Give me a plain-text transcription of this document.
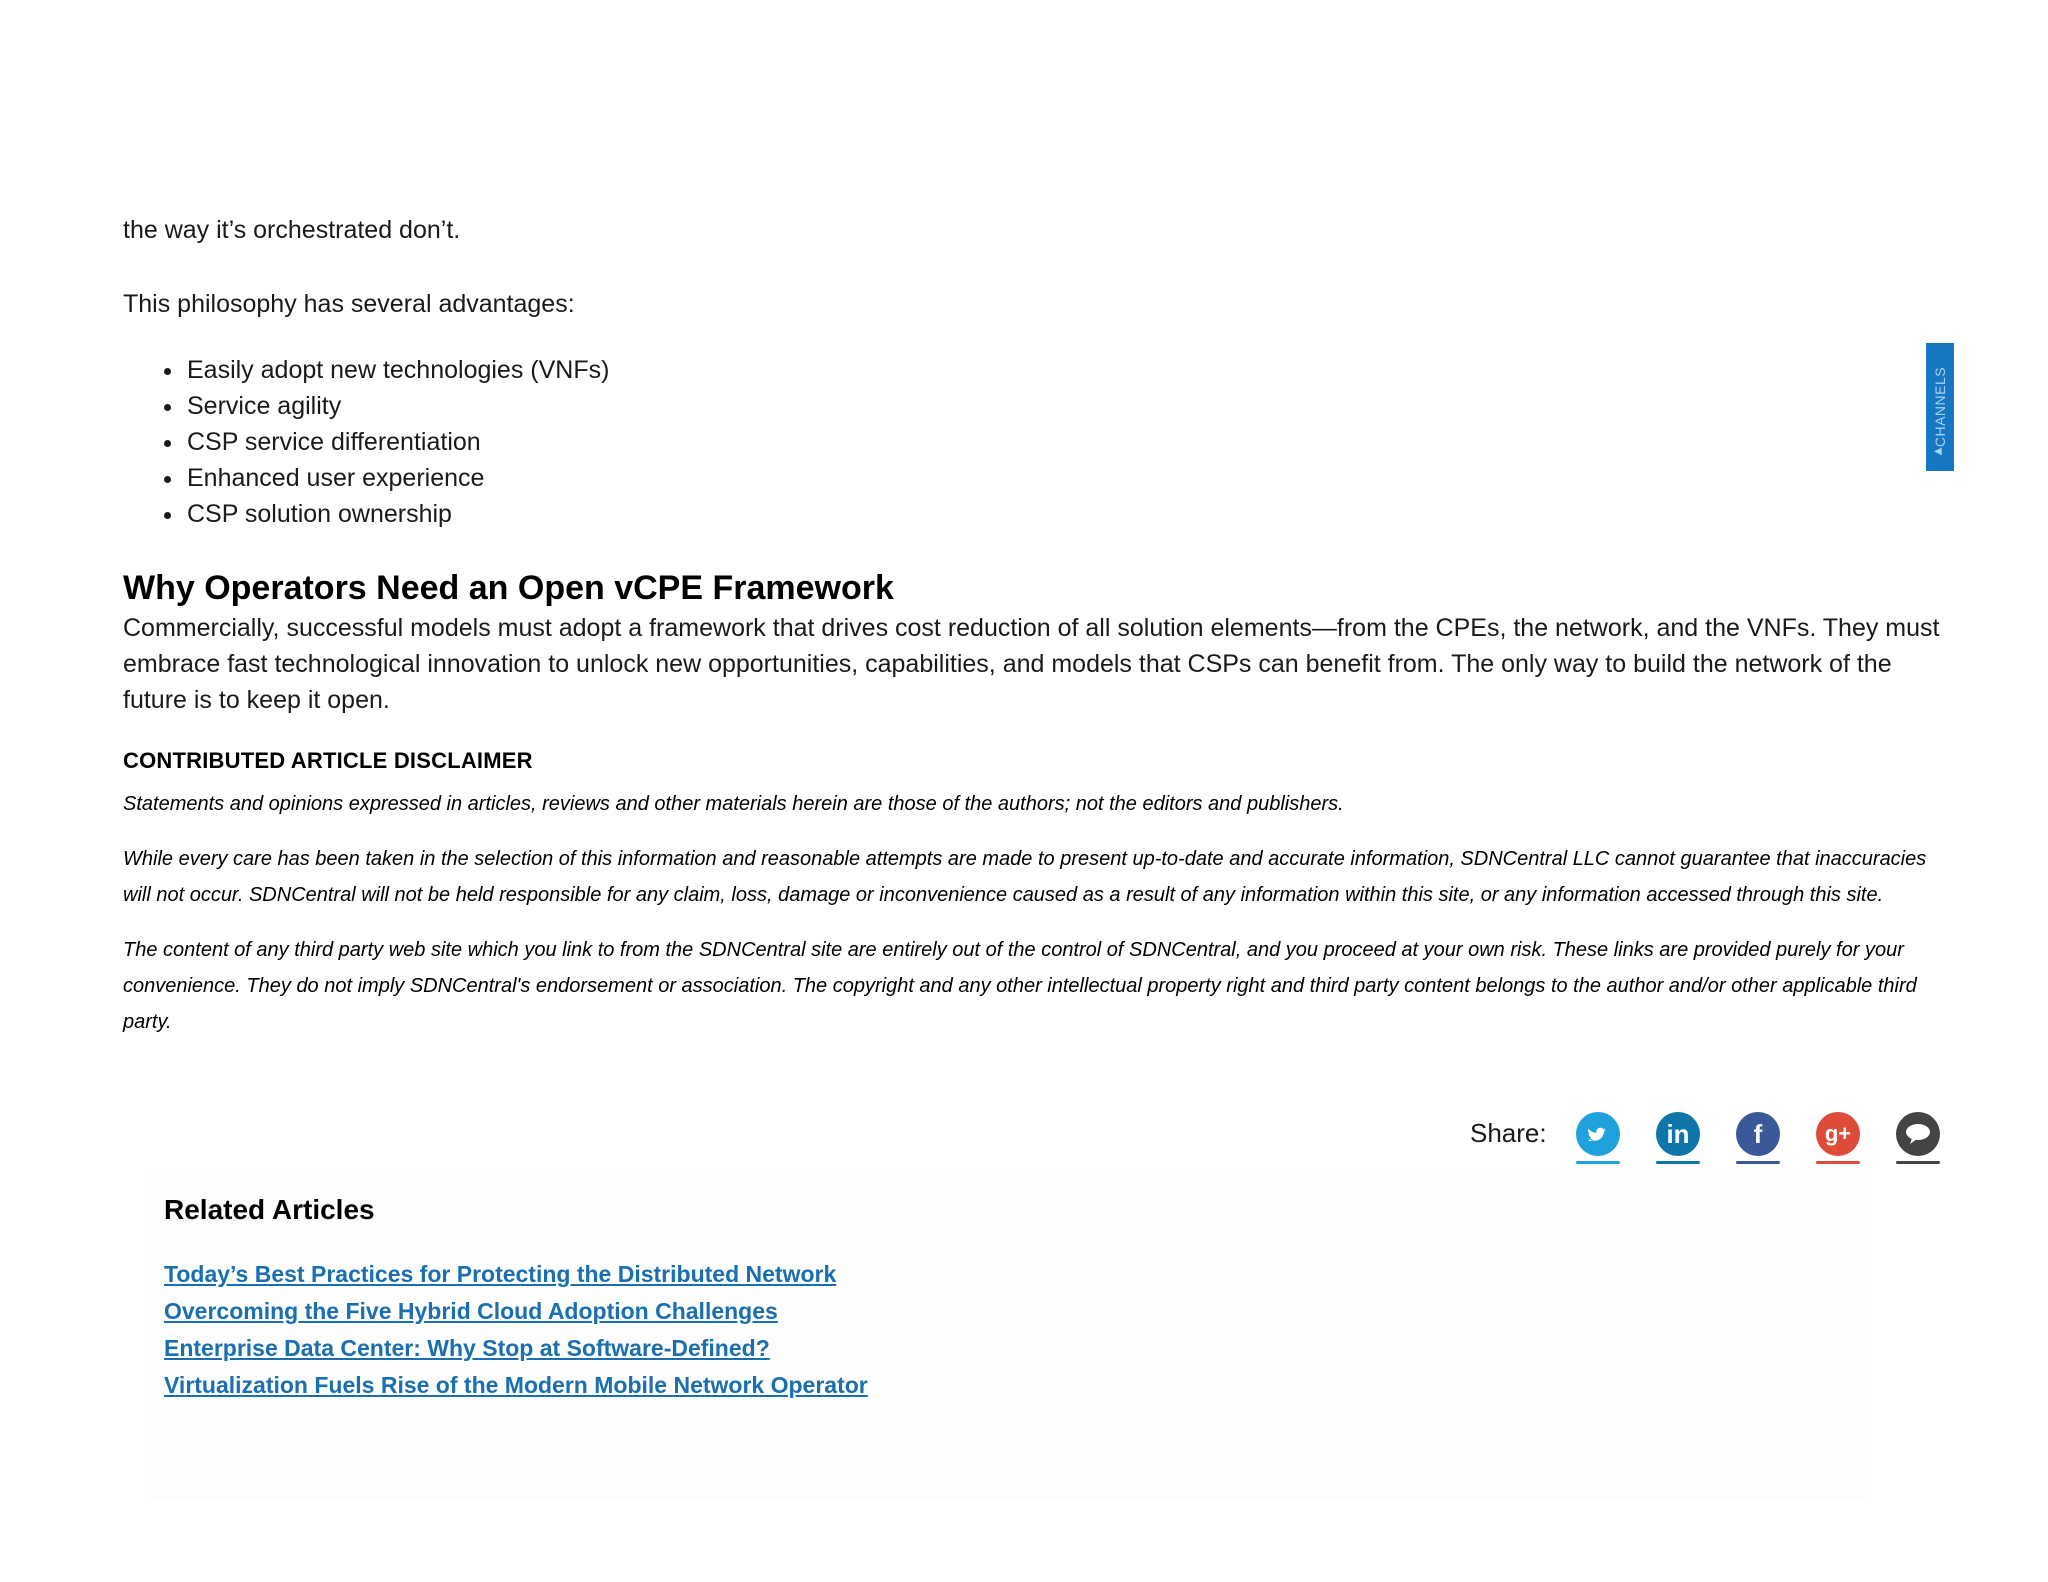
the way it’s orchestrated don’t.

This philosophy has several advantages:

• Easily adopt new technologies (VNFs)
• Service agility
• CSP service differentiation
• Enhanced user experience
• CSP solution ownership
Why Operators Need an Open vCPE Framework

Commercially, successful models must adopt a framework that drives cost reduction of all solution elements—from the CPEs, the network, and the VNFs. They must embrace fast technological innovation to unlock new opportunities, capabilities, and models that CSPs can benefit from. The only way to build the network of the future is to keep it open.

CONTRIBUTED ARTICLE DISCLAIMER

Statements and opinions expressed in articles, reviews and other materials herein are those of the authors; not the editors and publishers.

While every care has been taken in the selection of this information and reasonable attempts are made to present up-to-date and accurate information, SDNCentral LLC cannot guarantee that inaccuracies will not occur. SDNCentral will not be held responsible for any claim, loss, damage or inconvenience caused as a result of any information within this site, or any information accessed through this site.

The content of any third party web site which you link to from the SDNCentral site are entirely out of the control of SDNCentral, and you proceed at your own risk. These links are provided purely for your convenience. They do not imply SDNCentral's endorsement or association. The copyright and any other intellectual property right and third party content belongs to the author and/or other applicable third party.

Share:	in	f	g+
Related Articles
Today’s Best Practices for Protecting the Distributed Network
Overcoming the Five Hybrid Cloud Adoption Challenges
Enterprise Data Center: Why Stop at Software-Defined?
Virtualization Fuels Rise of the Modern Mobile Network Operator
CHANNELS
◀
